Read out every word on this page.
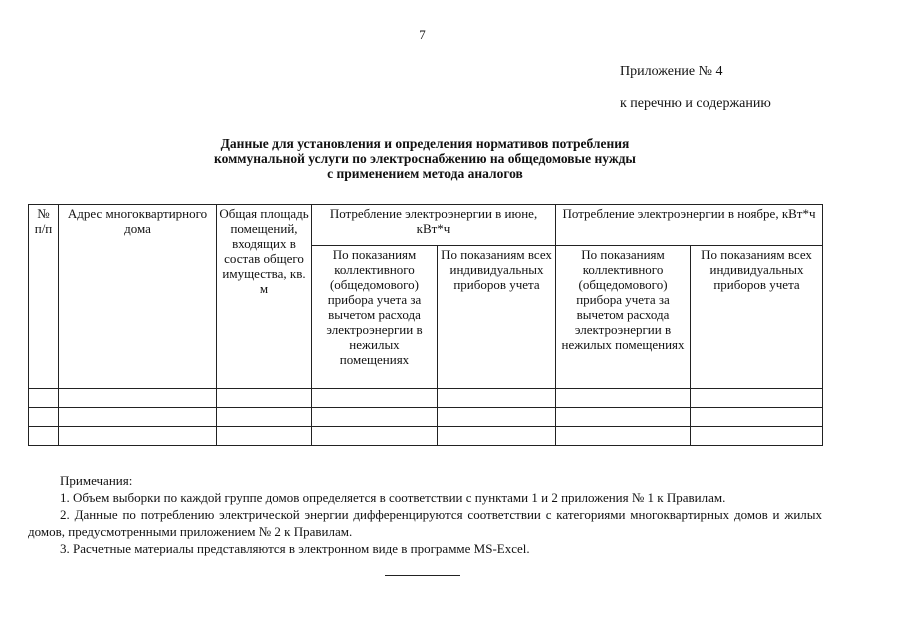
7
Приложение № 4
к перечню и содержанию
Данные для установления и определения нормативов потребления
коммунальной услуги по электроснабжению на общедомовые нужды
с применением метода аналогов
№ п/п	Адрес многоквартирного дома	Общая площадь помещений, входящих в состав общего имущества, кв. м	Потребление электроэнергии в июне, кВт*ч		Потребление электроэнергии в ноябре, кВт*ч	
			По показаниям коллективного (общедомового) прибора учета за вычетом расхода электроэнергии в нежилых помещениях	По показаниям всех индивидуальных приборов учета	По показаниям коллективного (общедомового) прибора учета за вычетом расхода электроэнергии в нежилых помещениях	По показаниям всех индивидуальных приборов учета

Примечания:

1. Объем выборки по каждой группе домов определяется в соответствии с пунктами 1 и 2 приложения № 1 к Правилам.

2. Данные по потреблению электрической энергии дифференцируются соответствии с категориями многоквартирных домов и жилых домов, предусмотренными приложением № 2 к Правилам.

3. Расчетные материалы представляются в электронном виде в программе MS-Excel.
